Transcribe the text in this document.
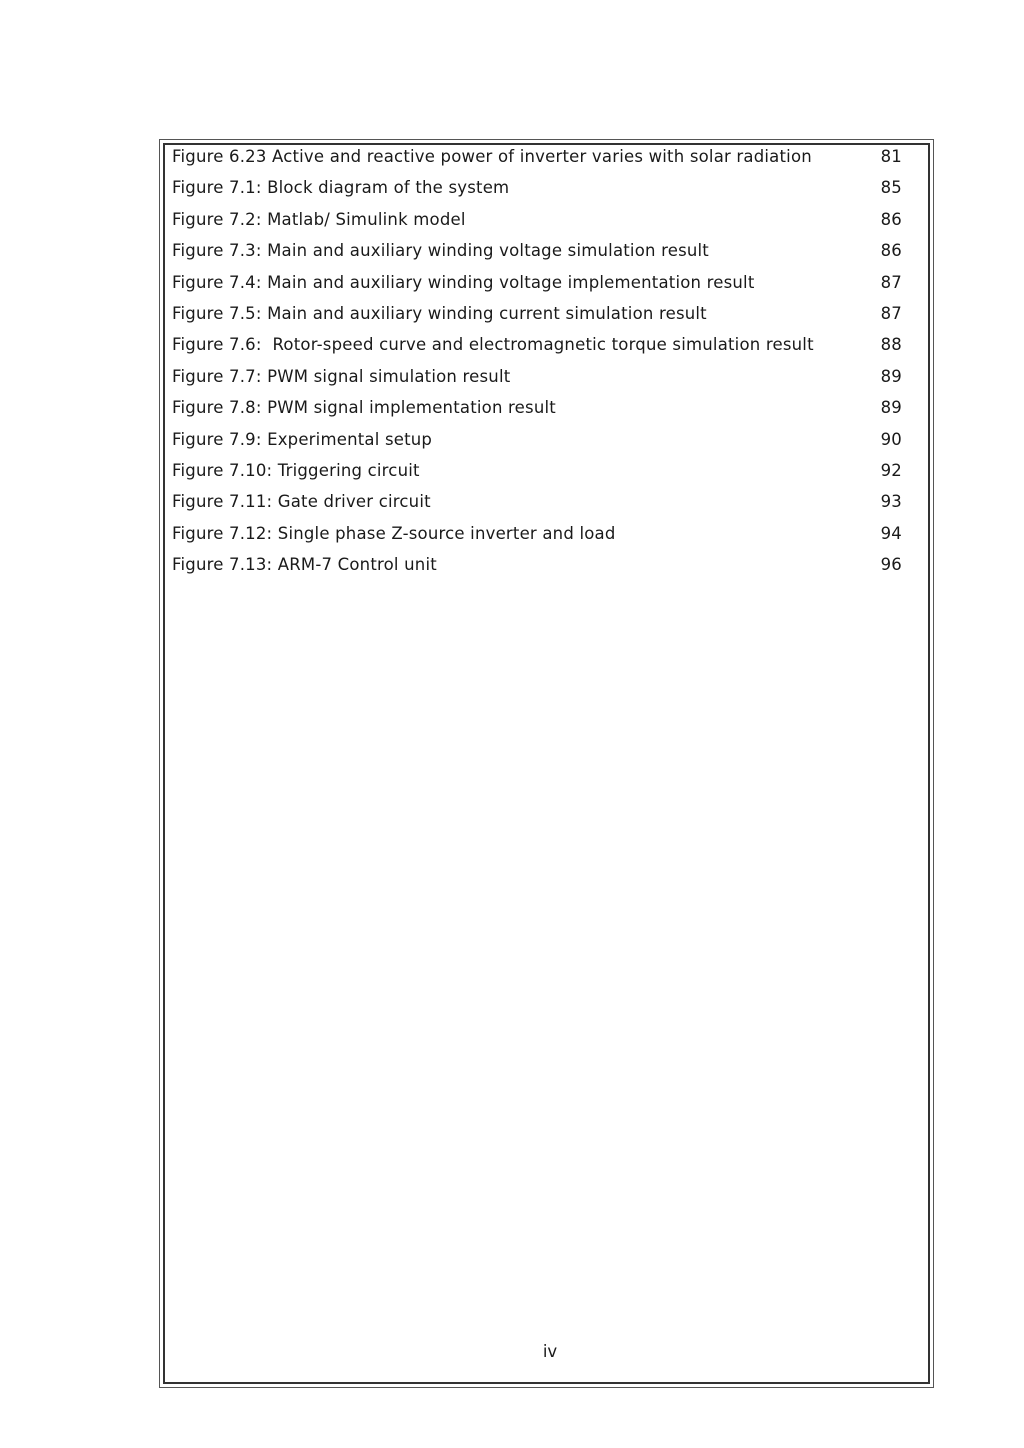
Figure 6.23 Active and reactive power of inverter varies with solar radiation	81
Figure 7.1: Block diagram of the system	85
Figure 7.2: Matlab/ Simulink model	86
Figure 7.3: Main and auxiliary winding voltage simulation result	86
Figure 7.4: Main and auxiliary winding voltage implementation result	87
Figure 7.5: Main and auxiliary winding current simulation result	87
Figure 7.6:  Rotor-speed curve and electromagnetic torque simulation result	88
Figure 7.7: PWM signal simulation result	89
Figure 7.8: PWM signal implementation result	89
Figure 7.9: Experimental setup	90
Figure 7.10: Triggering circuit	92
Figure 7.11: Gate driver circuit	93
Figure 7.12: Single phase Z-source inverter and load	94
Figure 7.13: ARM-7 Control unit	96
iv
